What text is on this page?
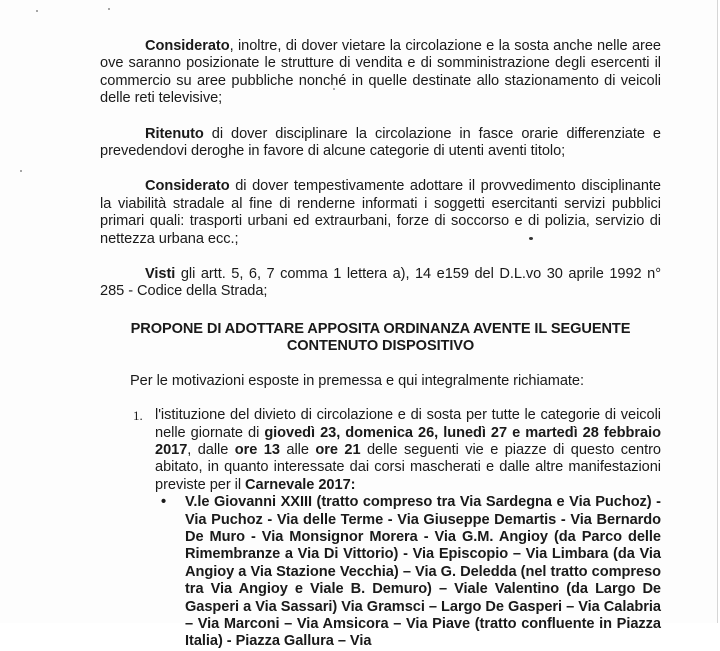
Considerato, inoltre, di dover vietare la circolazione e la sosta anche nelle aree ove saranno posizionate le strutture di vendita e di somministrazione degli esercenti il commercio su aree pubbliche nonché in quelle destinate allo stazionamento di veicoli delle reti televisive;

Ritenuto di dover disciplinare la circolazione in fasce orarie differenziate e prevedendovi deroghe in favore di alcune categorie di utenti aventi titolo;

Considerato di dover tempestivamente adottare il provvedimento disciplinante la viabilità stradale al fine di renderne informati i soggetti esercitanti servizi pubblici primari quali: trasporti urbani ed extraurbani, forze di soccorso e di polizia, servizio di nettezza urbana ecc.;

Visti gli artt. 5, 6, 7 comma 1 lettera a), 14 e159 del D.L.vo 30 aprile 1992 n° 285 - Codice della Strada;

PROPONE DI ADOTTARE APPOSITA ORDINANZA AVENTE IL SEGUENTE
CONTENUTO DISPOSITIVO

Per le motivazioni esposte in premessa e qui integralmente richiamate:

1. l'istituzione del divieto di circolazione e di sosta per tutte le categorie di veicoli nelle giornate di giovedì 23, domenica 26, lunedì 27 e martedì 28 febbraio 2017, dalle ore 13 alle ore 21 delle seguenti vie e piazze di questo centro abitato, in quanto interessate dai corsi mascherati e dalle altre manifestazioni previste per il Carnevale 2017:

• V.le Giovanni XXIII (tratto compreso tra Via Sardegna e Via Puchoz) - Via Puchoz - Via delle Terme - Via Giuseppe Demartis - Via Bernardo De Muro - Via Monsignor Morera - Via G.M. Angioy (da Parco delle Rimembranze a Via Di Vittorio) - Via Episcopio – Via Limbara (da Via Angioy a Via Stazione Vecchia) – Via G. Deledda (nel tratto compreso tra Via Angioy e Viale B. Demuro) – Viale Valentino (da Largo De Gasperi a Via Sassari) Via Gramsci – Largo De Gasperi – Via Calabria – Via Marconi – Via Amsicora – Via Piave (tratto confluente in Piazza Italia) - Piazza Gallura – Via
